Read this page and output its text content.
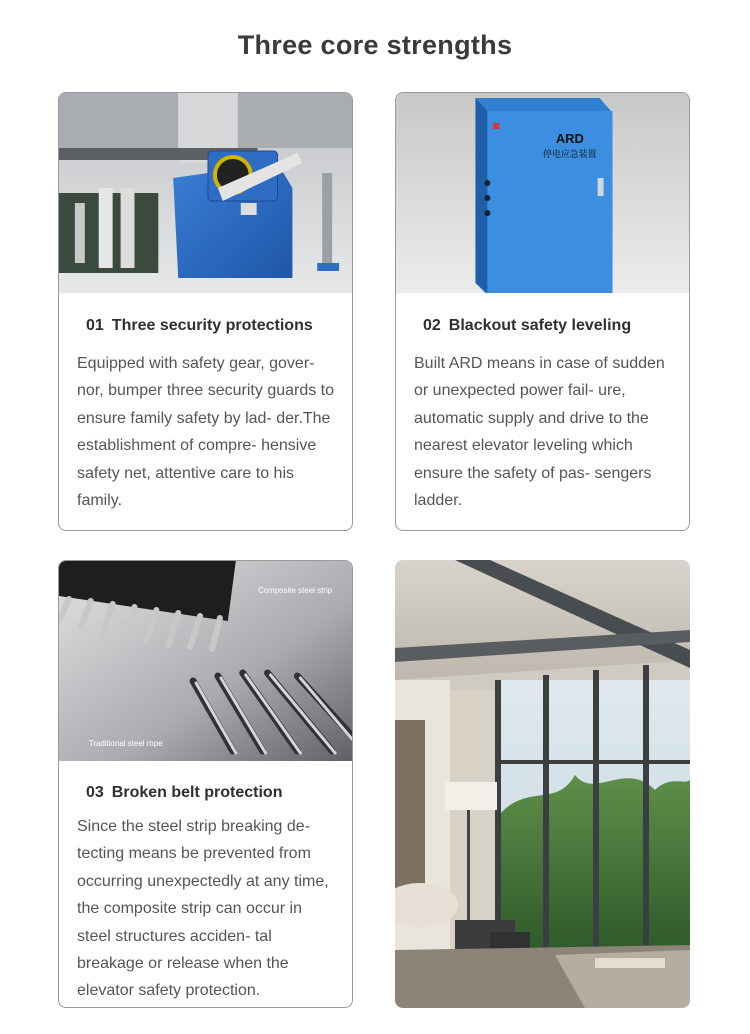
Three core strengths
01 Three security protections

Equipped with safety gear, gover- nor, bumper three security guards to ensure family safety by lad- der.The establishment of compre- hensive safety net, attentive care to his family.

ARD
停电应急装置
02 Blackout safety leveling

Built ARD means in case of sudden or unexpected power fail- ure, automatic supply and drive to the nearest elevator leveling which ensure the safety of pas- sengers ladder.

Composite steel strip
Traditional steel rope
03 Broken belt protection

Since the steel strip breaking de- tecting means be prevented from occurring unexpectedly at any time, the composite strip can occur in steel structures acciden- tal breakage or release when the elevator safety protection.
